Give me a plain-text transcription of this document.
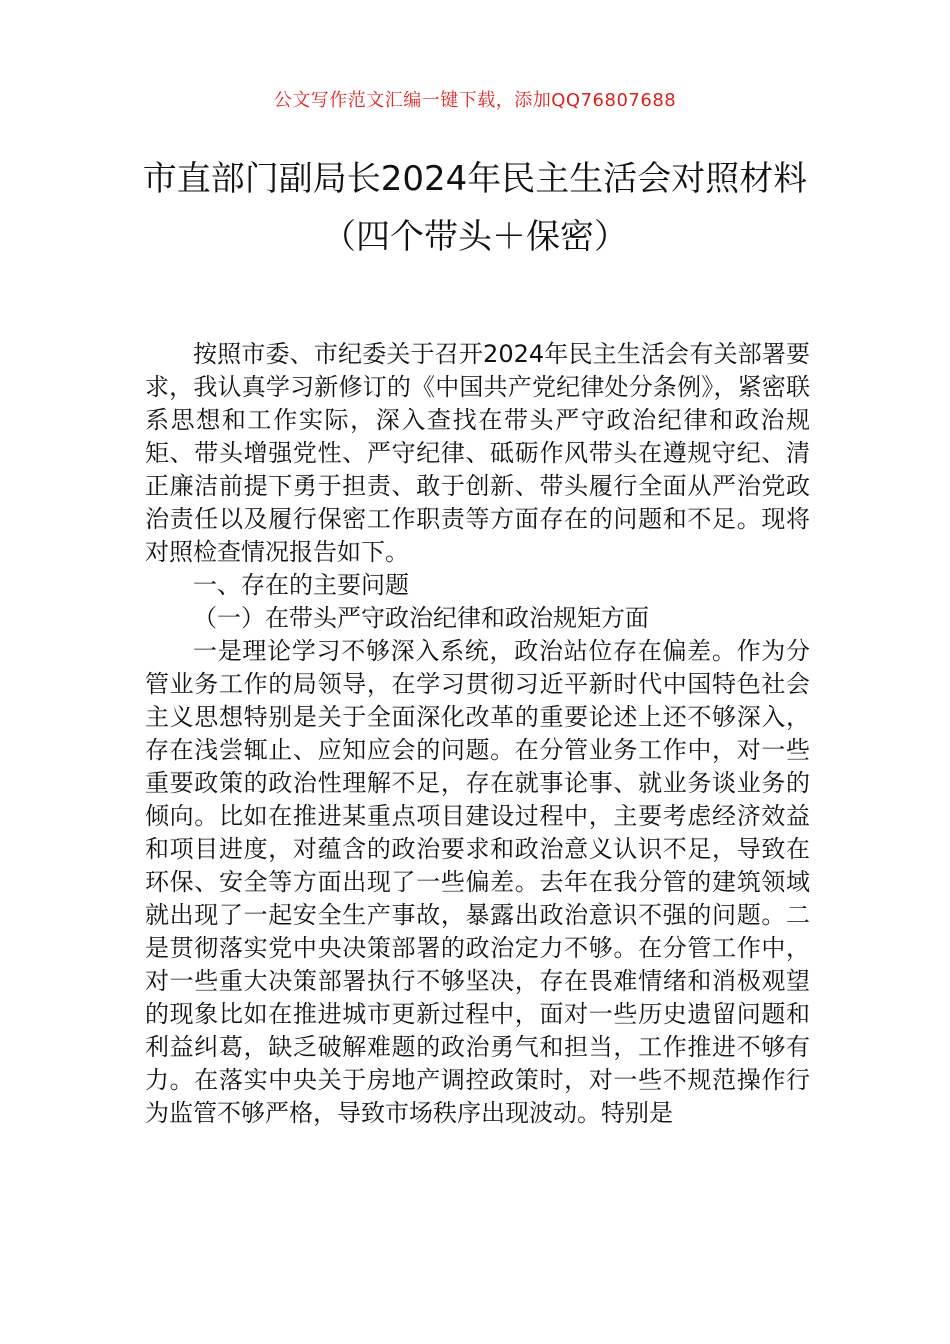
公文写作范文汇编一键下载，添加QQ76807688
市直部门副局长2024年民主生活会对照材料（四个带头＋保密）

按照市委、市纪委关于召开2024年民主生活会有关部署要求，我认真学习新修订的《中国共产党纪律处分条例》，紧密联系思想和工作实际，深入查找在带头严守政治纪律和政治规矩、带头增强党性、严守纪律、砥砺作风带头在遵规守纪、清正廉洁前提下勇于担责、敢于创新、带头履行全面从严治党政治责任以及履行保密工作职责等方面存在的问题和不足。现将对照检查情况报告如下。

一、存在的主要问题

（一）在带头严守政治纪律和政治规矩方面

一是理论学习不够深入系统，政治站位存在偏差。作为分管业务工作的局领导，在学习贯彻习近平新时代中国特色社会主义思想特别是关于全面深化改革的重要论述上还不够深入，存在浅尝辄止、应知应会的问题。在分管业务工作中，对一些重要政策的政治性理解不足，存在就事论事、就业务谈业务的倾向。比如在推进某重点项目建设过程中，主要考虑经济效益和项目进度，对蕴含的政治要求和政治意义认识不足，导致在环保、安全等方面出现了一些偏差。去年在我分管的建筑领域就出现了一起安全生产事故，暴露出政治意识不强的问题。二是贯彻落实党中央决策部署的政治定力不够。在分管工作中，对一些重大决策部署执行不够坚决，存在畏难情绪和消极观望的现象比如在推进城市更新过程中，面对一些历史遗留问题和利益纠葛，缺乏破解难题的政治勇气和担当，工作推进不够有力。在落实中央关于房地产调控政策时，对一些不规范操作行为监管不够严格，导致市场秩序出现波动。特别是
